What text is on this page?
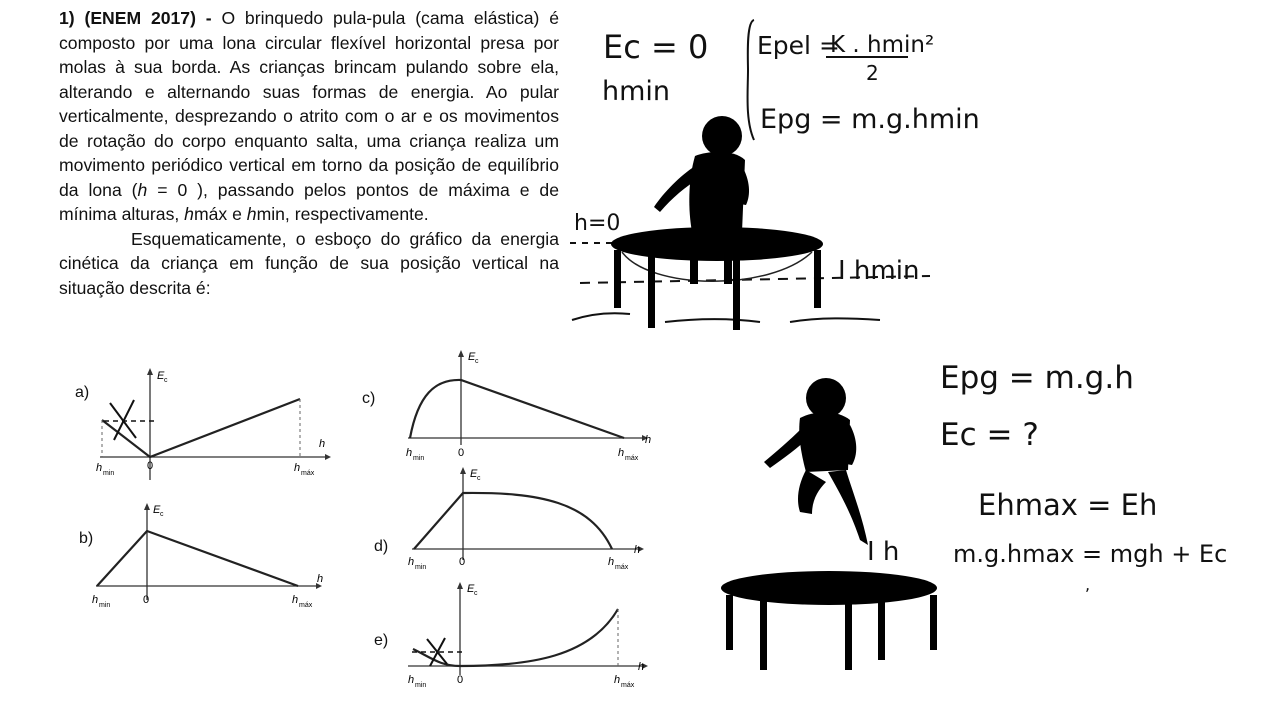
1) (ENEM 2017) - O brinquedo pula-pula (cama elástica) é composto por uma lona circular flexível horizontal presa por molas à sua borda. As crianças brincam pulando sobre ela, alterando e alternando suas formas de energia. Ao pular verticalmente, desprezando o atrito com o ar e os movimentos de rotação do corpo enquanto salta, uma criança realiza um movimento periódico vertical em torno da posição de equilíbrio da lona (h = 0 ), passando pelos pontos de máxima e de mínima alturas, hmáx e hmin, respectivamente.

Esquematicamente, o esboço do gráfico da energia cinética da criança em função de sua posição vertical na situação descrita é:

a)
b)
c)
d)
e)
E c
h
h min
0	h máx
E c
h
h min	0	h máx
E c
h
h min	0	h máx
E c
h
h min	0	h máx
E c
h
h min	0	h máx
Ec = 0
hmin
Epel =
K . hmin²
2
Epg = m.g.hmin
h=0
I hmin
Epg = m.g.h
Ec = ?
Ehmax = Eh
m.g.hmax = mgh + Ec
,
I h
